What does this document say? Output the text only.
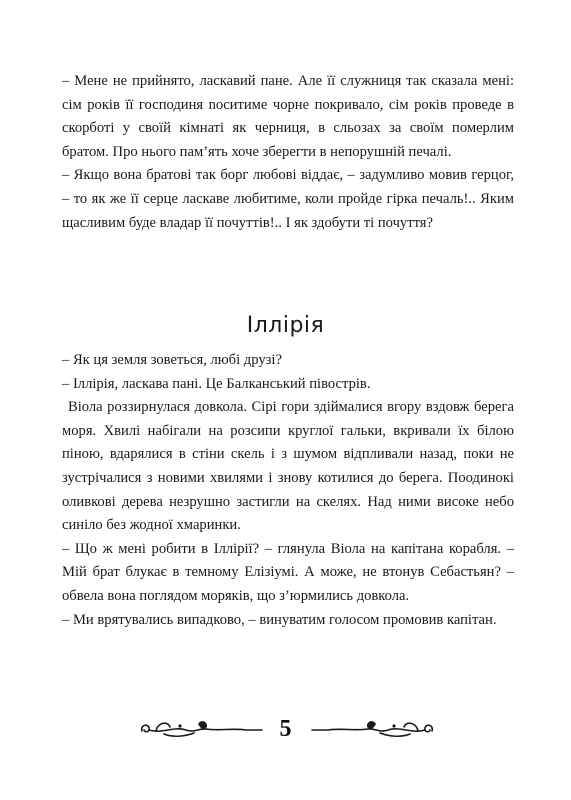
– Мене не прийнято, ласкавий пане. Але її служниця так сказала мені: сім років її господиня noситиме чорне покривало, сім років проведе в скорботі у своїй кімнаті як черниця, в сльозах за своїм померлим братом. Про нього пам’ять хоче зберегти в непорушній печалі.

– Якщо вона братові так борг любові віддає, – задумливо мовив герцог, – то як же її серце ласкаве любитиме, коли пройде гірка печаль!.. Яким щасливим буде владар її почуттів!.. І як здобути ті почуття?

Іллірія

– Як ця земля зоветься, любі друзі?

– Іллірія, ласкава пані. Це Балканський півострів.

Віола роззирнулася довкола. Сірі гори здіймалися вгору вздовж берега моря. Хвилі набігали на розсипи круглої гальки, вкривали їх білою піною, вдарялися в стіни скель і з шумом відпливали назад, поки не зустрічалися з новими хвилями і знову котилися до берега. Поодинокі оливкові дерева незрушно застигли на скелях. Над ними високе небо синіло без жодної хмаринки.

– Що ж мені робити в Іллірії? – глянула Віола на капітана корабля. – Мій брат блукає в темному Елізіумі. А може, не втонув Себастьян? – обвела вона поглядом моряків, що з’юрмились довкола.

– Ми врятувались випадково, – винуватим голосом промовив капітан.

5
